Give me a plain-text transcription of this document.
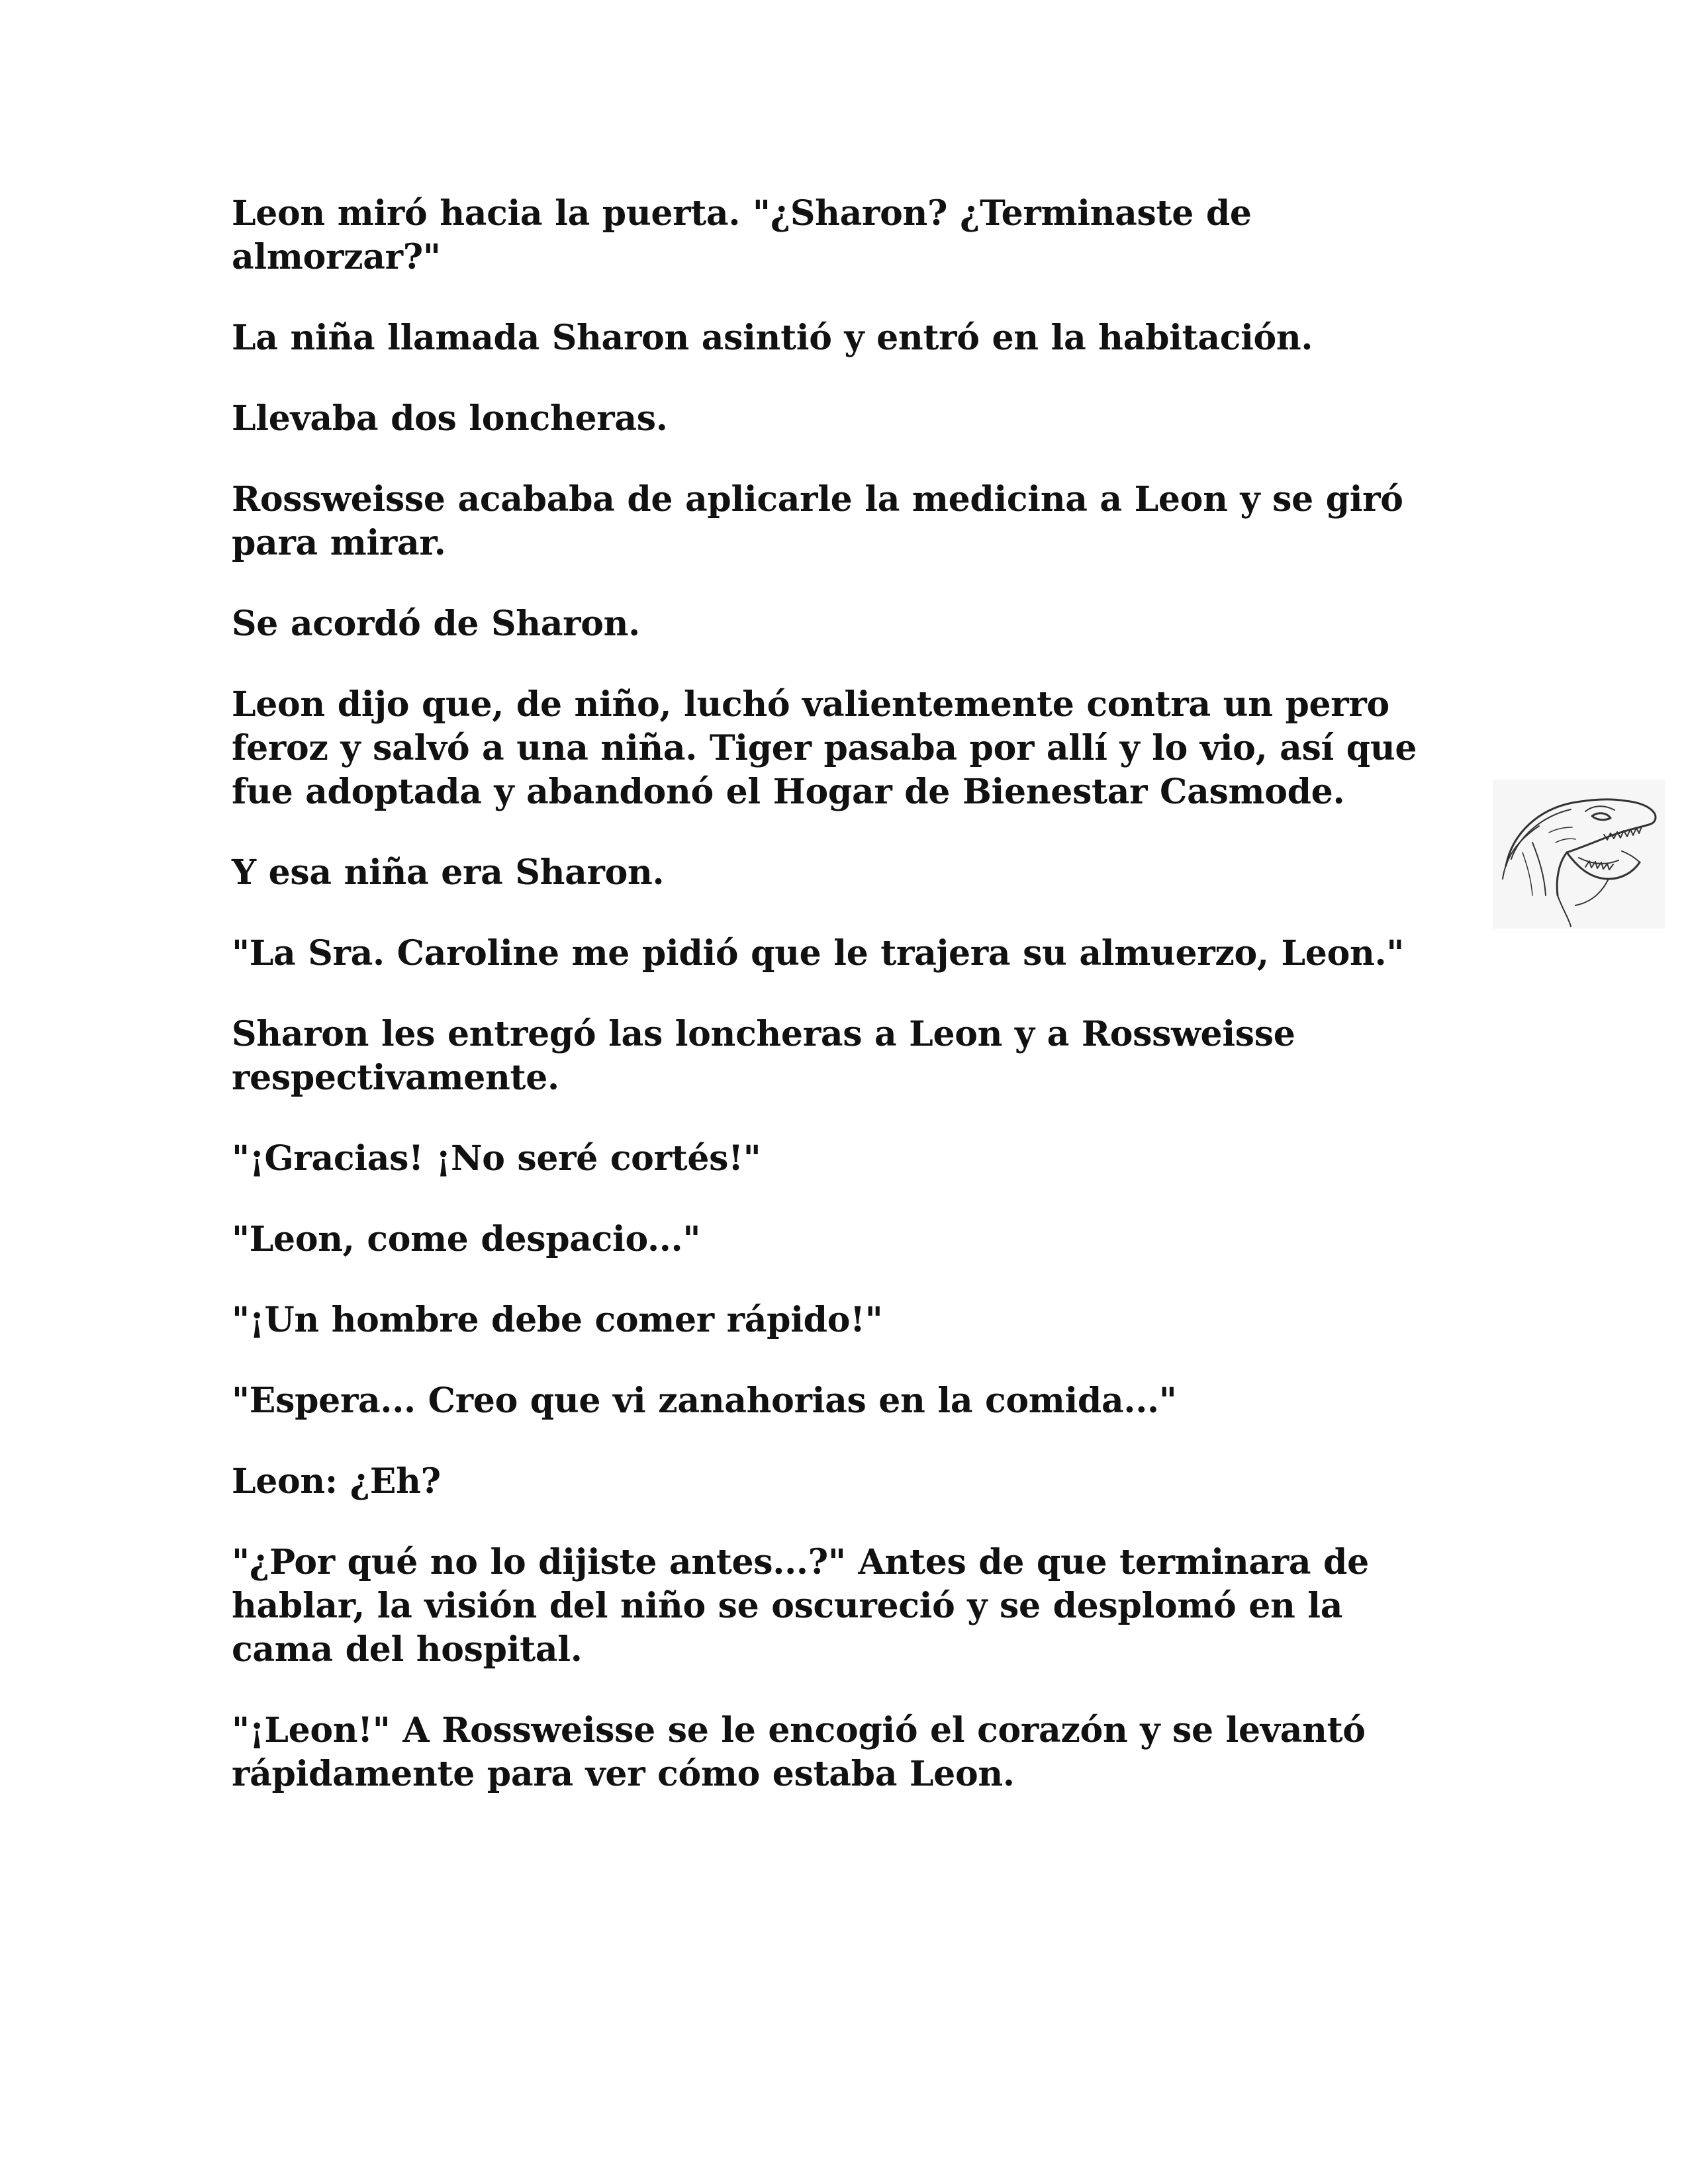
Leon miró hacia la puerta. "¿Sharon? ¿Terminaste de almorzar?"

La niña llamada Sharon asintió y entró en la habitación.

Llevaba dos loncheras.

Rossweisse acababa de aplicarle la medicina a Leon y se giró para mirar.

Se acordó de Sharon.

Leon dijo que, de niño, luchó valientemente contra un perro feroz y salvó a una niña. Tiger pasaba por allí y lo vio, así que fue adoptada y abandonó el Hogar de Bienestar Casmode.

Y esa niña era Sharon.

"La Sra. Caroline me pidió que le trajera su almuerzo, Leon."

Sharon les entregó las loncheras a Leon y a Rossweisse respectivamente.

"¡Gracias! ¡No seré cortés!"

"Leon, come despacio..."

"¡Un hombre debe comer rápido!"

"Espera... Creo que vi zanahorias en la comida..."

Leon: ¿Eh?

"¿Por qué no lo dijiste antes...?" Antes de que terminara de hablar, la visión del niño se oscureció y se desplomó en la cama del hospital.

"¡Leon!" A Rossweisse se le encogió el corazón y se levantó rápidamente para ver cómo estaba Leon.
